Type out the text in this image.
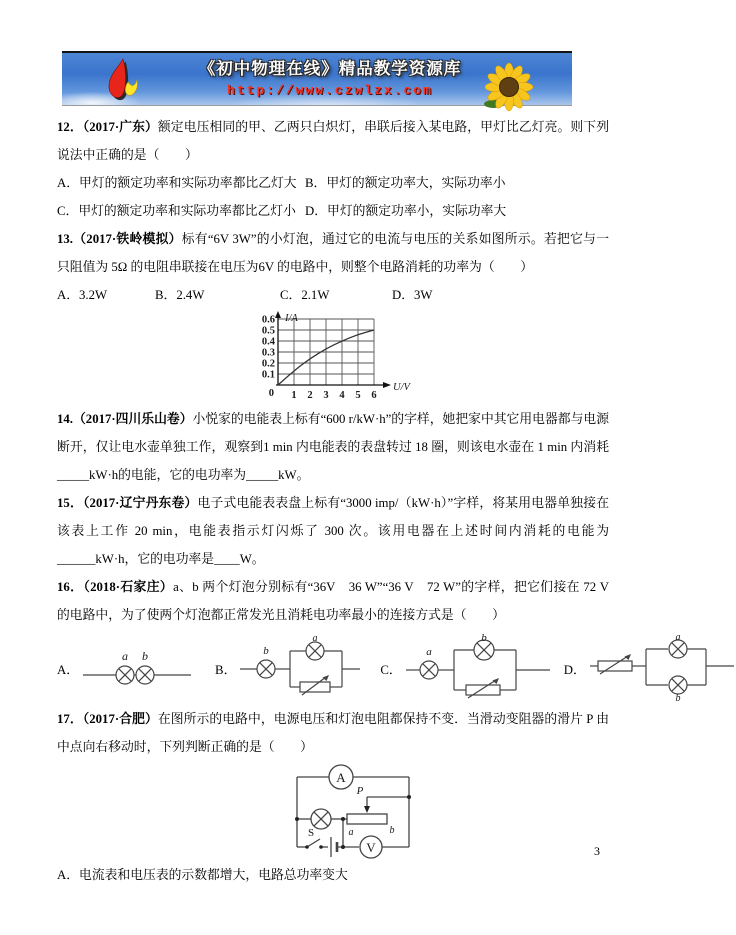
《初中物理在线》精品教学资源库
http://www.czwlzx.com

12．（2017·广东）额定电压相同的甲、乙两只白炽灯，串联后接入某电路，甲灯比乙灯亮。则下列说法中正确的是（　　）

A．甲灯的额定功率和实际功率都比乙灯大 B．甲灯的额定功率大，实际功率小
C．甲灯的额定功率和实际功率都比乙灯小 D．甲灯的额定功率小，实际功率大

13.（2017·铁岭模拟）标有“6V 3W”的小灯泡，通过它的电流与电压的关系如图所示。若把它与一只阻值为 5Ω 的电阻串联接在电压为6V 的电路中，则整个电路消耗的功率为（　　）

A．3.2W	B．2.4W	C．2.1W	D．3W
0.1
0.2
0.3
0.4
0.5
0.6
0 1 2 3 4 5 6
I/A
U/V

14.（2017·四川乐山卷）小悦家的电能表上标有“600 r/kW·h”的字样，她把家中其它用电器都与电源断开，仅让电水壶单独工作，观察到1 min 内电能表的表盘转过 18 圈，则该电水壶在 1 min 内消耗_____kW·h的电能，它的电功率为_____kW。

15．（2017·辽宁丹东卷）电子式电能表表盘上标有“3000 imp/（kW·h）”字样，将某用电器单独接在该表上工作 20 min，电能表指示灯闪烁了 300 次。该用电器在上述时间内消耗的电能为______kW·h，它的电功率是____W。

16．（2018·石家庄）a、b 两个灯泡分别标有“36V　36 W”“36 V　72 W”的字样，把它们接在 72 V 的电路中，为了使两个灯泡都正常发光且消耗电功率最小的连接方式是（　　）

A．
a b
B．
b
a
C．
a
b
D．
a
b

17．（2017·合肥）在图所示的电路中，电源电压和灯泡电阻都保持不变．当滑动变阻器的滑片 P 由中点向右移动时，下列判断正确的是（　　）

A
V
S
P
a	b

A．电流表和电压表的示数都增大，电路总功率变大

3
